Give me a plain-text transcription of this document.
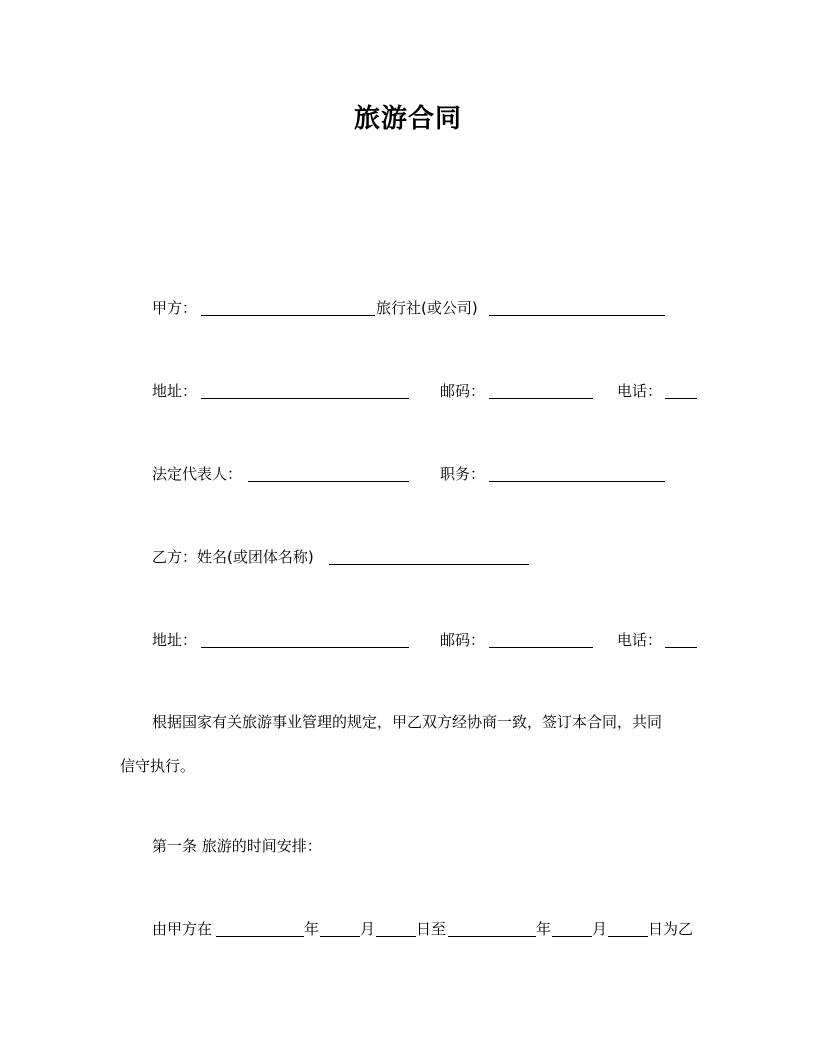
旅游合同
甲方：	旅行社(或公司)
地址：	邮码：	电话：
法定代表人：	职务：
乙方：姓名(或团体名称)
地址：	邮码：	电话：
根据国家有关旅游事业管理的规定，甲乙双方经协商一致，签订本合同，共同
信守执行。
第一条 旅游的时间安排：
由甲方在	年	月	日至	年	月	日为乙
